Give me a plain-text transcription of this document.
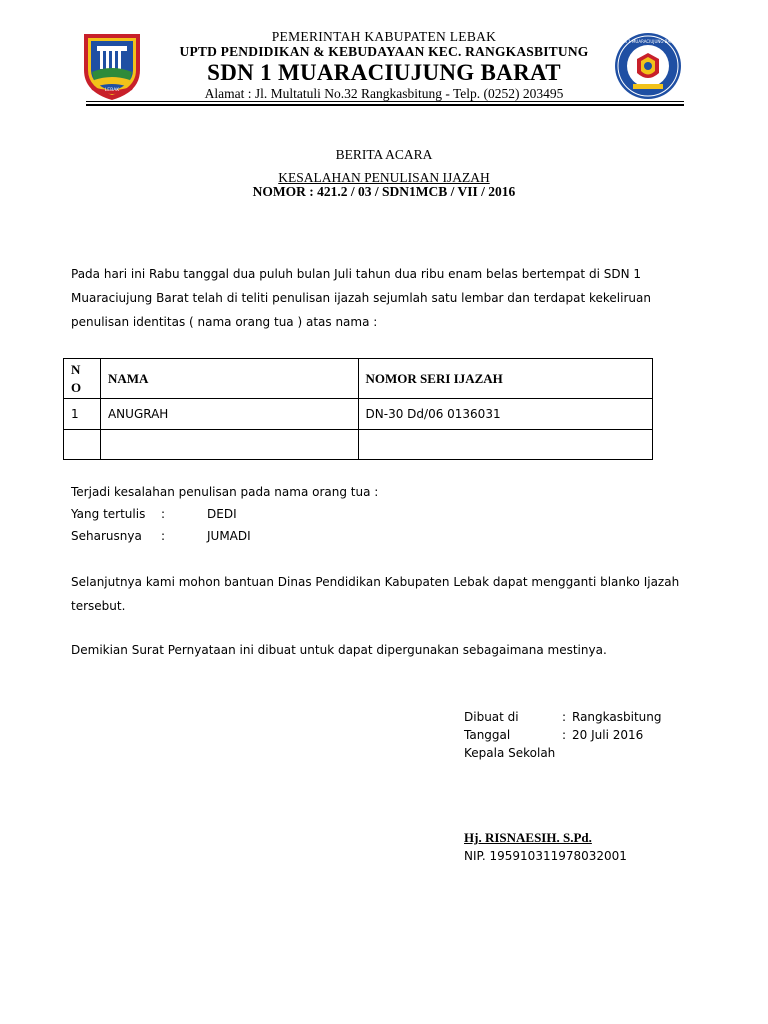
LEBAK
SDN 1 MUARACIUJUNG BARAT
PEMERINTAH KABUPATEN LEBAK
UPTD PENDIDIKAN & KEBUDAYAAN KEC. RANGKASBITUNG
SDN 1 MUARACIUJUNG BARAT
Alamat : Jl. Multatuli No.32 Rangkasbitung - Telp. (0252) 203495
BERITA ACARA
KESALAHAN PENULISAN IJAZAH
NOMOR : 421.2 / 03 / SDN1MCB / VII / 2016
Pada hari ini Rabu tanggal dua puluh bulan Juli tahun dua ribu enam belas bertempat di SDN 1
Muaraciujung Barat telah di teliti penulisan ijazah sejumlah satu lembar dan terdapat kekeliruan
penulisan identitas ( nama orang tua ) atas nama :
N
O	NAMA	NOMOR SERI IJAZAH
1	ANUGRAH	DN-30 Dd/06 0136031

Terjadi kesalahan penulisan pada nama orang tua :
Yang tertulis :	DEDI
Seharusnya :	JUMADI
Selanjutnya kami mohon bantuan Dinas Pendidikan Kabupaten Lebak dapat mengganti blanko Ijazah
tersebut.
Demikian Surat Pernyataan ini dibuat untuk dapat dipergunakan sebagaimana mestinya.
Dibuat di	: Rangkasbitung
Tanggal	: 20 Juli 2016
Kepala Sekolah
Hj. RISNAESIH. S.Pd.
NIP. 195910311978032001
